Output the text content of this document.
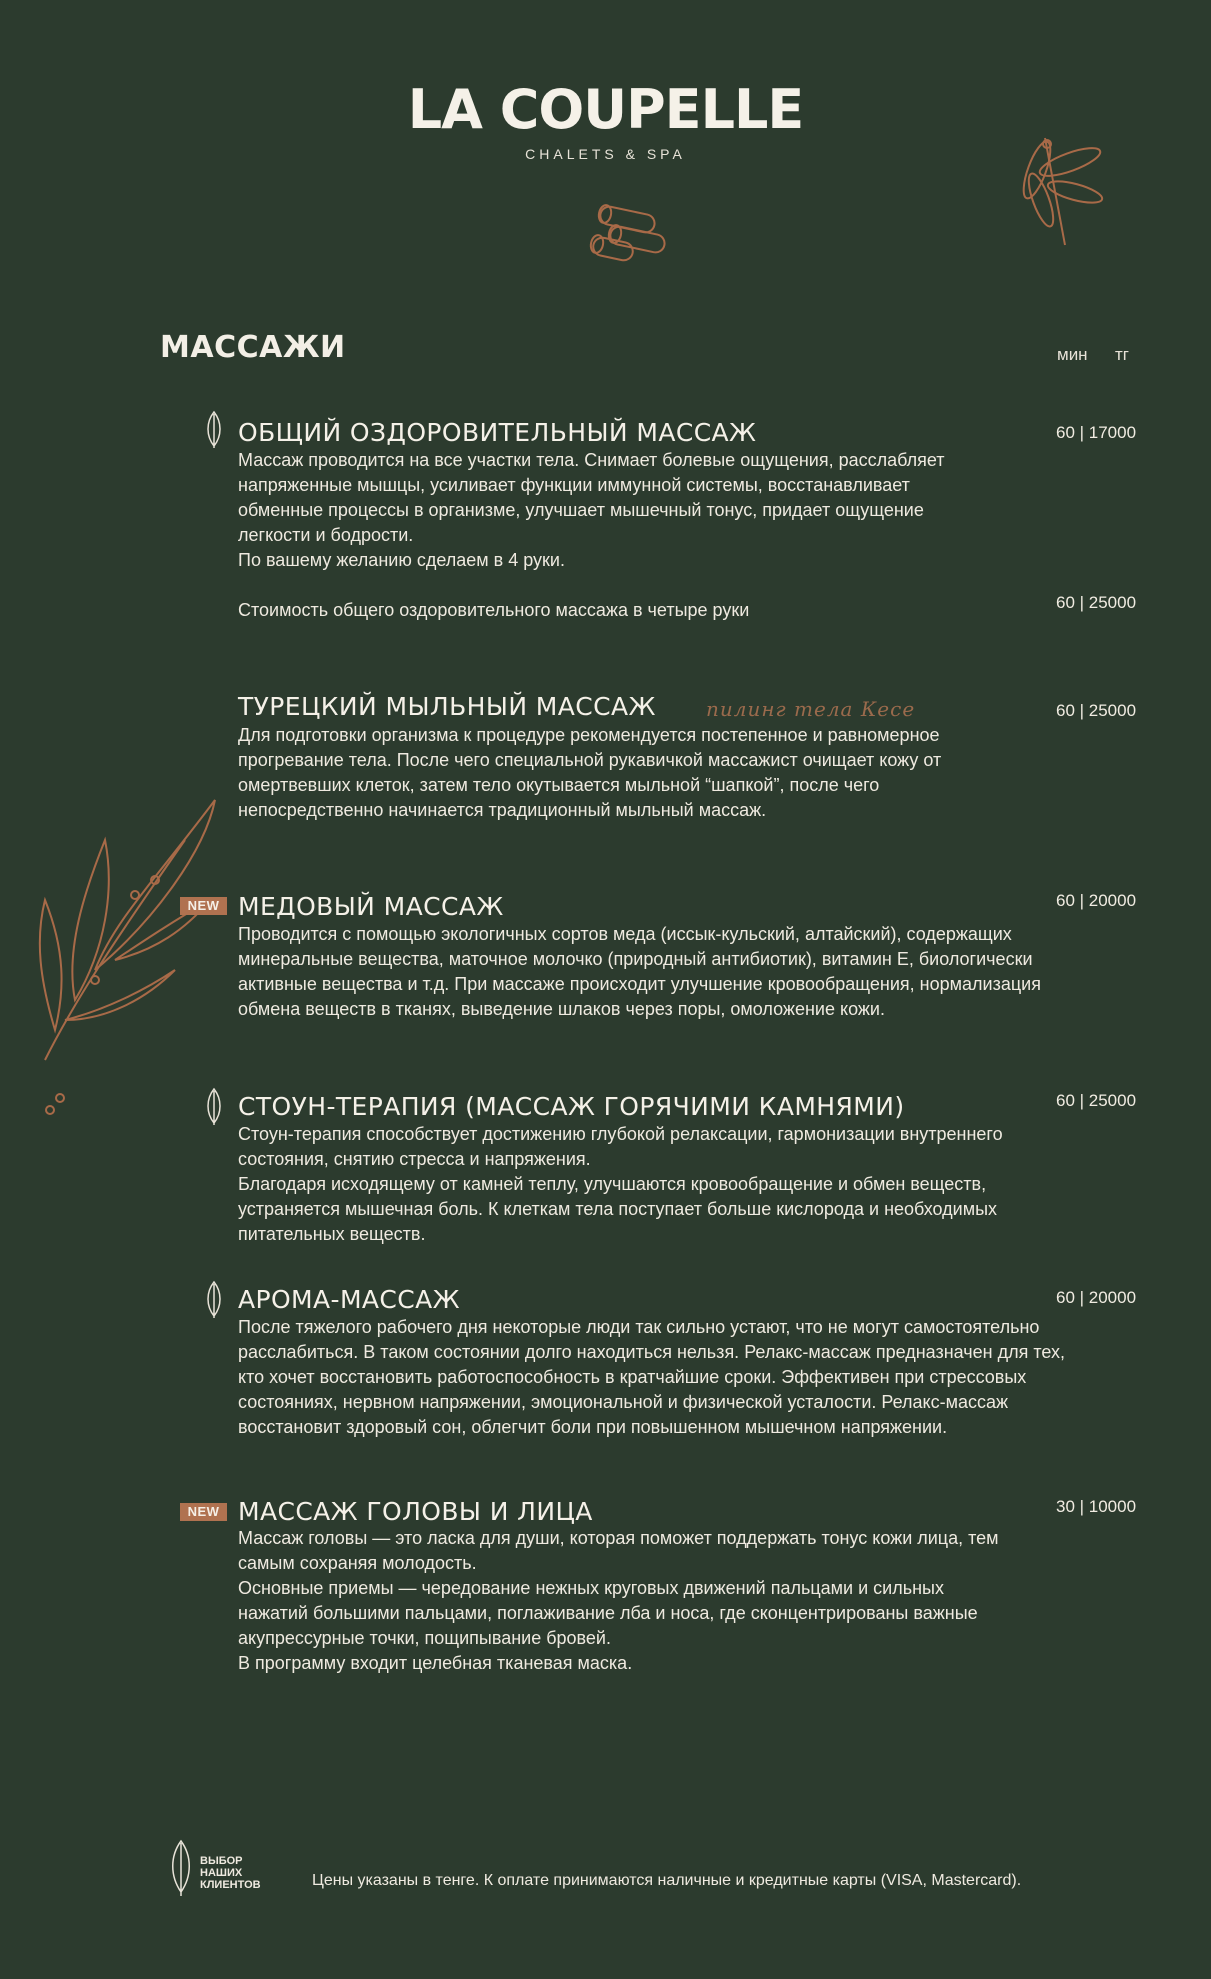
LA COUPELLE
CHALETS & SPA
МАССАЖИ	мин тг
ОБЩИЙ ОЗДОРОВИТЕЛЬНЫЙ МАССАЖ	60 | 17000

Массаж проводится на все участки тела. Снимает болевые ощущения, расслабляет напряженные мышцы, усиливает функции иммунной системы, восстанавливает обменные процессы в организме, улучшает мышечный тонус, придает ощущение легкости и бодрости.

По вашему желанию сделаем в 4 руки.

Стоимость общего оздоровительного массажа в четыре руки	60 | 25000
ТУРЕЦКИЙ МЫЛЬНЫЙ МАССАЖ	пилинг тела Кесе	60 | 25000
Для подготовки организма к процедуре рекомендуется постепенное и равномерное прогревание тела. После чего специальной рукавичкой массажист очищает кожу от омертвевших клеток, затем тело окутывается мыльной “шапкой”, после чего непосредственно начинается традиционный мыльный массаж.
NEW МЕДОВЫЙ МАССАЖ	60 | 20000
Проводится с помощью экологичных сортов меда (иссык-кульский, алтайский), содержащих минеральные вещества, маточное молочко (природный антибиотик), витамин Е, биологически активные вещества и т.д. При массаже происходит улучшение кровообращения, нормализация обмена веществ в тканях, выведение шлаков через поры, омоложение кожи.
СТОУН-ТЕРАПИЯ (МАССАЖ ГОРЯЧИМИ КАМНЯМИ)	60 | 25000

Стоун-терапия способствует достижению глубокой релаксации, гармонизации внутреннего состояния, снятию стресса и напряжения.

Благодаря исходящему от камней теплу, улучшаются кровообращение и обмен веществ, устраняется мышечная боль. К клеткам тела поступает больше кислорода и необходимых питательных веществ.

АРОМА-МАССАЖ	60 | 20000
После тяжелого рабочего дня некоторые люди так сильно устают, что не могут самостоятельно расслабиться. В таком состоянии долго находиться нельзя. Релакс-массаж предназначен для тех, кто хочет восстановить работоспособность в кратчайшие сроки. Эффективен при стрессовых состояниях, нервном напряжении, эмоциональной и физической усталости. Релакс-массаж восстановит здоровый сон, облегчит боли при повышенном мышечном напряжении.
NEW МАССАЖ ГОЛОВЫ И ЛИЦА	30 | 10000

Массаж головы — это ласка для души, которая поможет поддержать тонус кожи лица, тем самым сохраняя молодость.

Основные приемы — чередование нежных круговых движений пальцами и сильных нажатий большими пальцами, поглаживание лба и носа, где сконцентрированы важные акупрессурные точки, пощипывание бровей.

В программу входит целебная тканевая маска.

ВЫБОР НАШИХ КЛИЕНТОВ	Цены указаны в тенге. К оплате принимаются наличные и кредитные карты (VISA, Mastercard).
